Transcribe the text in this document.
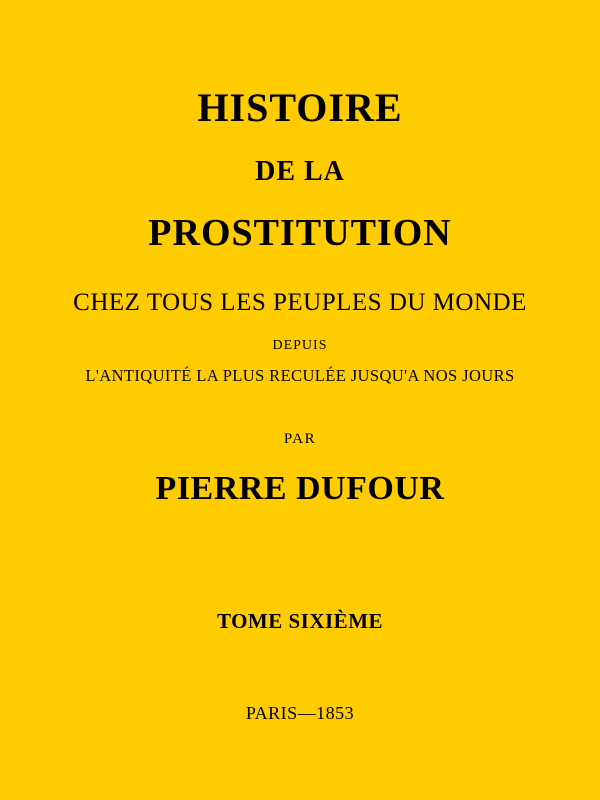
HISTOIRE
DE LA
PROSTITUTION
CHEZ TOUS LES PEUPLES DU MONDE
DEPUIS
L'ANTIQUITÉ LA PLUS RECULÉE JUSQU'A NOS JOURS
PAR
PIERRE DUFOUR
TOME SIXIÈME
PARIS—1853
